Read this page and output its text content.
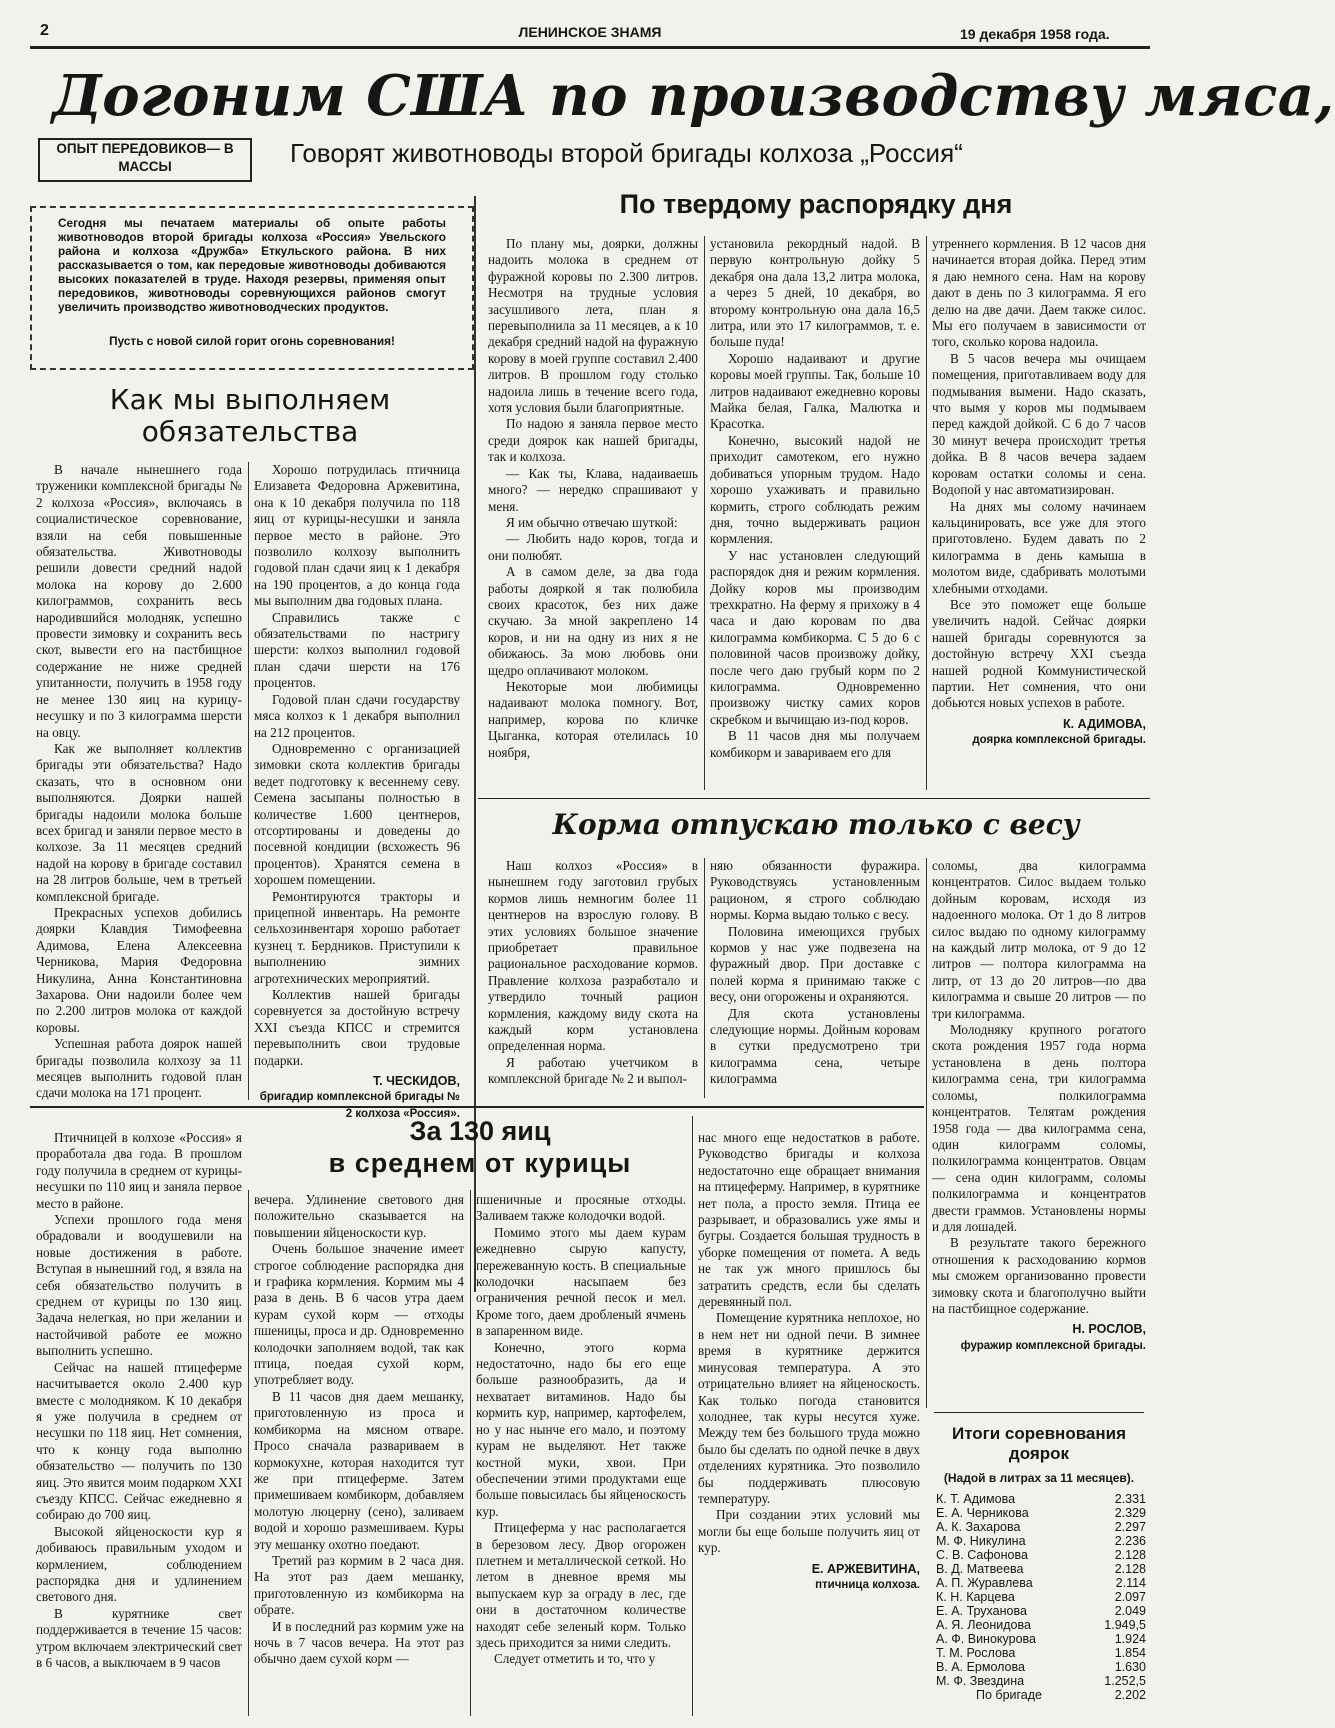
2	ЛЕНИНСКОЕ ЗНАМЯ	19 декабря 1958 года.
Догоним США по производству мяса,
ОПЫТ ПЕРЕДОВИКОВ— В МАССЫ	Говорят животноводы второй бригады колхоза „Россия“
Сегодня мы печатаем материалы об опыте работы животноводов второй бригады колхоза «Россия» Увельского района и колхоза «Дружба» Еткульского района. В них рассказывается о том, как передовые животноводы добиваются высоких показателей в труде. Находя резервы, применяя опыт передовиков, животноводы соревнующихся районов смогут увеличить производство животноводческих продуктов.
Пусть с новой силой горит огонь соревнования!
Как мы выполняем обязательства

В начале нынешнего года труженики комплексной бригады № 2 колхоза «Россия», включаясь в социалистическое соревнование, взяли на себя повышенные обязательства. Животноводы решили довести средний надой молока на корову до 2.600 килограммов, сохранить весь народившийся молодняк, успешно провести зимовку и сохранить весь скот, вывести его на пастбищное содержание не ниже средней упитанности, получить в 1958 году не менее 130 яиц на курицу-несушку и по 3 килограмма шерсти на овцу.

Как же выполняет коллектив бригады эти обязательства? Надо сказать, что в основном они выполняются. Доярки нашей бригады надоили молока больше всех бригад и заняли первое место в колхозе. За 11 месяцев средний надой на корову в бригаде составил на 28 литров больше, чем в третьей комплексной бригаде.

Прекрасных успехов добились доярки Клавдия Тимофеевна Адимова, Елена Алексеевна Черникова, Мария Федоровна Никулина, Анна Константиновна Захарова. Они надоили более чем по 2.200 литров молока от каждой коровы.

Успешная работа доярок нашей бригады позволила колхозу за 11 месяцев выполнить годовой план сдачи молока на 171 процент.

Хорошо потрудилась птичница Елизавета Федоровна Аржевитина, она к 10 декабря получила по 118 яиц от курицы-несушки и заняла первое место в районе. Это позволило колхозу выполнить годовой план сдачи яиц к 1 декабря на 190 процентов, а до конца года мы выполним два годовых плана.

Справились также с обязательствами по настригу шерсти: колхоз выполнил годовой план сдачи шерсти на 176 процентов.

Годовой план сдачи государству мяса колхоз к 1 декабря выполнил на 212 процентов.

Одновременно с организацией зимовки скота коллектив бригады ведет подготовку к весеннему севу. Семена засыпаны полностью в количестве 1.600 центнеров, отсортированы и доведены до посевной кондиции (всхожесть 96 процентов). Хранятся семена в хорошем помещении.

Ремонтируются тракторы и прицепной инвентарь. На ремонте сельхозинвентаря хорошо работает кузнец т. Бердников. Приступили к выполнению зимних агротехнических мероприятий.

Коллектив нашей бригады соревнуется за достойную встречу XXI съезда КПСС и стремится перевыполнить свои трудовые подарки.

Т. ЧЕСКИДОВ,

бригадир комплексной бригады № 2 колхоза «Россия».

По твердому распорядку дня

По плану мы, доярки, должны надоить молока в среднем от фуражной коровы по 2.300 литров. Несмотря на трудные условия засушливого лета, план я перевыполнила за 11 месяцев, а к 10 декабря средний надой на фуражную корову в моей группе составил 2.400 литров. В прошлом году столько надоила лишь в течение всего года, хотя условия были благоприятные.

По надою я заняла первое место среди доярок как нашей бригады, так и колхоза.

— Как ты, Клава, надаиваешь много? — нередко спрашивают у меня.

Я им обычно отвечаю шуткой:

— Любить надо коров, тогда и они полюбят.

А в самом деле, за два года работы дояркой я так полюбила своих красоток, без них даже скучаю. За мной закреплено 14 коров, и ни на одну из них я не обижаюсь. За мою любовь они щедро оплачивают молоком.

Некоторые мои любимицы надаивают молока помногу. Вот, например, корова по кличке Цыганка, которая отелилась 10 ноября,

установила рекордный надой. В первую контрольную дойку 5 декабря она дала 13,2 литра молока, а через 5 дней, 10 декабря, во второму контрольную она дала 16,5 литра, или это 17 килограммов, т. е. больше пуда!

Хорошо надаивают и другие коровы моей группы. Так, больше 10 литров надаивают ежедневно коровы Майка белая, Галка, Малютка и Красотка.

Конечно, высокий надой не приходит самотеком, его нужно добиваться упорным трудом. Надо хорошо ухаживать и правильно кормить, строго соблюдать режим дня, точно выдерживать рацион кормления.

У нас установлен следующий распорядок дня и режим кормления. Дойку коров мы производим трехкратно. На ферму я прихожу в 4 часа и даю коровам по два килограмма комбикорма. С 5 до 6 с половиной часов произвожу дойку, после чего даю грубый корм по 2 килограмма. Одновременно произвожу чистку самих коров скребком и вычищаю из-под коров.

В 11 часов дня мы получаем комбикорм и завариваем его для

утреннего кормления. В 12 часов дня начинается вторая дойка. Перед этим я даю немного сена. Нам на корову дают в день по 3 килограмма. Я его делю на две дачи. Даем также силос. Мы его получаем в зависимости от того, сколько корова надоила.

В 5 часов вечера мы очищаем помещения, приготавливаем воду для подмывания вымени. Надо сказать, что вымя у коров мы подмываем перед каждой дойкой. С 6 до 7 часов 30 минут вечера происходит третья дойка. В 8 часов вечера задаем коровам остатки соломы и сена. Водопой у нас автоматизирован.

На днях мы солому начинаем кальцинировать, все уже для этого приготовлено. Будем давать по 2 килограмма в день камыша в молотом виде, сдабривать молотыми хлебными отходами.

Все это поможет еще больше увеличить надой. Сейчас доярки нашей бригады соревнуются за достойную встречу XXI съезда нашей родной Коммунистической партии. Нет сомнения, что они добьются новых успехов в работе.

К. АДИМОВА,

доярка комплексной бригады.

Корма отпускаю только с весу

Наш колхоз «Россия» в нынешнем году заготовил грубых кормов лишь немногим более 11 центнеров на взрослую голову. В этих условиях большое значение приобретает правильное рациональное расходование кормов. Правление колхоза разработало и утвердило точный рацион кормления, каждому виду скота на каждый корм установлена определенная норма.

Я работаю учетчиком в комплексной бригаде № 2 и выпол-

няю обязанности фуражира. Руководствуясь установленным рационом, я строго соблюдаю нормы. Корма выдаю только с весу.

Половина имеющихся грубых кормов у нас уже подвезена на фуражный двор. При доставке с полей корма я принимаю также с весу, они огорожены и охраняются.

Для скота установлены следующие нормы. Дойным коровам в сутки предусмотрено три килограмма сена, четыре килограмма

соломы, два килограмма концентратов. Силос выдаем только дойным коровам, исходя из надоенного молока. От 1 до 8 литров силос выдаю по одному килограмму на каждый литр молока, от 9 до 12 литров — полтора килограмма на литр, от 13 до 20 литров—по два килограмма и свыше 20 литров — по три килограмма.

Молодняку крупного рогатого скота рождения 1957 года норма установлена в день полтора килограмма сена, три килограмма соломы, полкилограмма концентратов. Телятам рождения 1958 года — два килограмма сена, один килограмм соломы, полкилограмма концентратов. Овцам — сена один килограмм, соломы полкилограмма и концентратов двести граммов. Установлены нормы и для лошадей.

В результате такого бережного отношения к расходованию кормов мы сможем организованно провести зимовку скота и благополучно выйти на пастбищное содержание.

Н. РОСЛОВ,

фуражир комплексной бригады.

За 130 яиц
в среднем от курицы

Птичницей в колхозе «Россия» я проработала два года. В прошлом году получила в среднем от курицы-несушки по 110 яиц и заняла первое место в районе.

Успехи прошлого года меня обрадовали и воодушевили на новые достижения в работе. Вступая в нынешний год, я взяла на себя обязательство получить в среднем от курицы по 130 яиц. Задача нелегкая, но при желании и настойчивой работе ее можно выполнить успешно.

Сейчас на нашей птицеферме насчитывается около 2.400 кур вместе с молодняком. К 10 декабря я уже получила в среднем от несушки по 118 яиц. Нет сомнения, что к концу года выполню обязательство — получить по 130 яиц. Это явится моим подарком XXI съезду КПСС. Сейчас ежедневно я собираю до 700 яиц.

Высокой яйценоскости кур я добиваюсь правильным уходом и кормлением, соблюдением распорядка дня и удлинением светового дня.

В курятнике свет поддерживается в течение 15 часов: утром включаем электрический свет в 6 часов, а выключаем в 9 часов

вечера. Удлинение светового дня положительно сказывается на повышении яйценоскости кур.

Очень большое значение имеет строгое соблюдение распорядка дня и графика кормления. Кормим мы 4 раза в день. В 6 часов утра даем курам сухой корм — отходы пшеницы, проса и др. Одновременно колодочки заполняем водой, так как птица, поедая сухой корм, употребляет воду.

В 11 часов дня даем мешанку, приготовленную из проса и комбикорма на мясном отваре. Просо сначала развариваем в кормокухне, которая находится тут же при птицеферме. Затем примешиваем комбикорм, добавляем молотую люцерну (сено), заливаем водой и хорошо размешиваем. Куры эту мешанку охотно поедают.

Третий раз кормим в 2 часа дня. На этот раз даем мешанку, приготовленную из комбикорма на обрате.

И в последний раз кормим уже на ночь в 7 часов вечера. На этот раз обычно даем сухой корм —

пшеничные и просяные отходы. Заливаем также колодочки водой.

Помимо этого мы даем курам ежедневно сырую капусту, пережеванную кость. В специальные колодочки насыпаем без ограничения речной песок и мел. Кроме того, даем дробленый ячмень в запаренном виде.

Конечно, этого корма недостаточно, надо бы его еще больше разнообразить, да и нехватает витаминов. Надо бы кормить кур, например, картофелем, но у нас нынче его мало, и поэтому курам не выделяют. Нет также костной муки, хвои. При обеспечении этими продуктами еще больше повысилась бы яйценоскость кур.

Птицеферма у нас располагается в березовом лесу. Двор огорожен плетнем и металлической сеткой. Но летом в дневное время мы выпускаем кур за ограду в лес, где они в достаточном количестве находят себе зеленый корм. Только здесь приходится за ними следить.

Следует отметить и то, что у

нас много еще недостатков в работе. Руководство бригады и колхоза недостаточно еще обращает внимания на птицеферму. Например, в курятнике нет пола, а просто земля. Птица ее разрывает, и образовались уже ямы и бугры. Создается большая трудность в уборке помещения от помета. А ведь не так уж много пришлось бы затратить средств, если бы сделать деревянный пол.

Помещение курятника неплохое, но в нем нет ни одной печи. В зимнее время в курятнике держится минусовая температура. А это отрицательно влияет на яйценоскость. Как только погода становится холоднее, так куры несутся хуже. Между тем без большого труда можно было бы сделать по одной печке в двух отделениях курятника. Это позволило бы поддерживать плюсовую температуру.

При создании этих условий мы могли бы еще больше получить яиц от кур.

Е. АРЖЕВИТИНА,

птичница колхоза.

Итоги соревнования
доярок
(Надой в литрах за 11 месяцев).
К. Т. Адимова	2.331
Е. А. Черникова	2.329
А. К. Захарова	2.297
М. Ф. Никулина	2.236
С. В. Сафонова	2.128
В. Д. Матвеева	2.128
А. П. Журавлева	2.114
К. Н. Карцева	2.097
Е. А. Труханова	2.049
А. Я. Леонидова	1.949,5
А. Ф. Винокурова	1.924
Т. М. Рослова	1.854
В. А. Ермолова	1.630
М. Ф. Звездина	1.252,5
По бригаде	2.202
